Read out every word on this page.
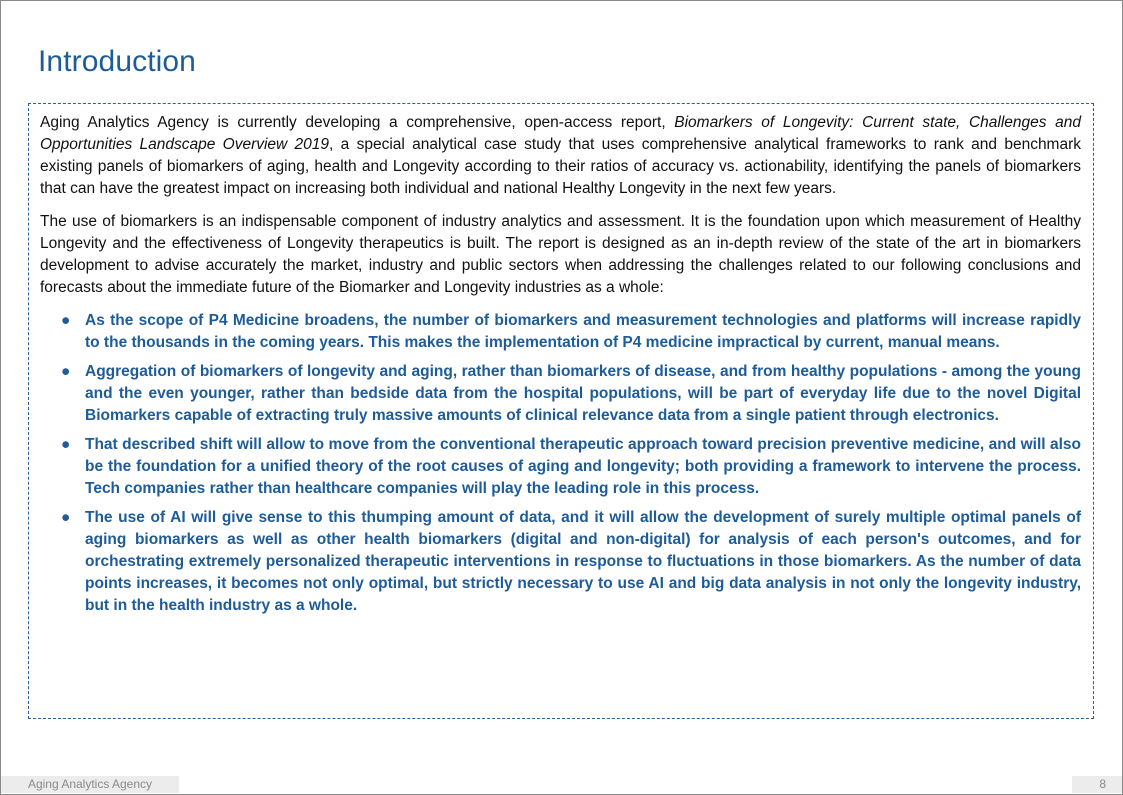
Introduction

Aging Analytics Agency is currently developing a comprehensive, open-access report, Biomarkers of Longevity: Current state, Challenges and Opportunities Landscape Overview 2019, a special analytical case study that uses comprehensive analytical frameworks to rank and benchmark existing panels of biomarkers of aging, health and Longevity according to their ratios of accuracy vs. actionability, identifying the panels of biomarkers that can have the greatest impact on increasing both individual and national Healthy Longevity in the next few years.

The use of biomarkers is an indispensable component of industry analytics and assessment. It is the foundation upon which measurement of Healthy Longevity and the effectiveness of Longevity therapeutics is built. The report is designed as an in-depth review of the state of the art in biomarkers development to advise accurately the market, industry and public sectors when addressing the challenges related to our following conclusions and forecasts about the immediate future of the Biomarker and Longevity industries as a whole:

● As the scope of P4 Medicine broadens, the number of biomarkers and measurement technologies and platforms will increase rapidly to the thousands in the coming years. This makes the implementation of P4 medicine impractical by current, manual means.
● Aggregation of biomarkers of longevity and aging, rather than biomarkers of disease, and from healthy populations - among the young and the even younger, rather than bedside data from the hospital populations, will be part of everyday life due to the novel Digital Biomarkers capable of extracting truly massive amounts of clinical relevance data from a single patient through electronics.
● That described shift will allow to move from the conventional therapeutic approach toward precision preventive medicine, and will also be the foundation for a unified theory of the root causes of aging and longevity; both providing a framework to intervene the process. Tech companies rather than healthcare companies will play the leading role in this process.
● The use of AI will give sense to this thumping amount of data, and it will allow the development of surely multiple optimal panels of aging biomarkers as well as other health biomarkers (digital and non-digital) for analysis of each person's outcomes, and for orchestrating extremely personalized therapeutic interventions in response to fluctuations in those biomarkers. As the number of data points increases, it becomes not only optimal, but strictly necessary to use AI and big data analysis in not only the longevity industry, but in the health industry as a whole.
Aging Analytics Agency	8
